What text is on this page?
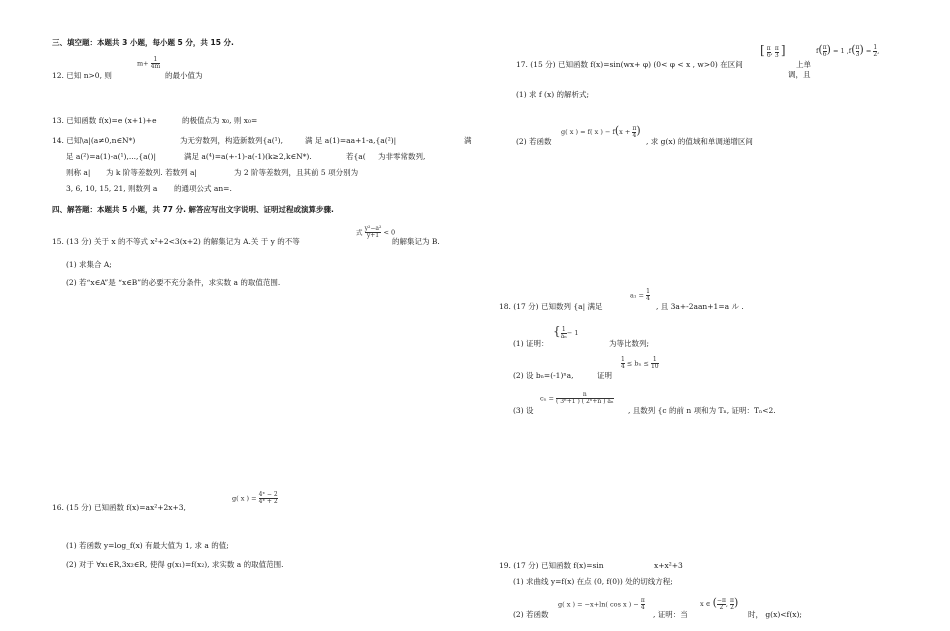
三、填空题：本题共 3 小题，每小题 5 分，共 15 分.
12. 已知 n>0, 则
$m+ \frac{1}{4m}$
的最小值为
13. 已知函数 f(x)=e (x+1)+e	的极值点为 x₀, 则 x₀=
14. 已知\a|(a≠0,n∈N*)	为无穷数列，构造新数列{a(¹),	满 足 a(1)=aa+1-a,{a(²)|	满
足 a(²)=a(1)-a(¹),...,{a()|	满足 a(⁴)=a(+-1)-a(-1)(k≥2,k∈N*).	若{a( 为非零常数列,
则称 a| 为 k 阶等差数列. 若数列 a|	为 2 阶等差数列，且其前 5 项分别为
3, 6, 10, 15, 21, 则数列 a 的通项公式 an=.
四、解答题：本题共 5 小题，共 77 分. 解答应写出文字说明、证明过程或演算步骤.
15. (13 分) 关于 x 的不等式 x²+2<3(x+2) 的解集记为 A.关 于 y 的不等
式 $\frac{\text{y²−a²}}{y+1} < 0$
的解集记为 B.
(1) 求集合 A;
(2) 若“x∈A”是 “x∈B”的必要不充分条件，求实数 a 的取值范围.
16. (15 分) 已知函数 f(x)=ax²+2x+3,
g( x ) = $\frac{\text{4ˣ − 2}}{\text{4ˣ + 2}}$
(1) 若函数 y=log_f(x) 有最大值为 1, 求 a 的值;
(2) 对于 ∀x₁∈R,3x₂∈R, 使得 g(x₁)=f(x₂), 求实数 a 的取值范围.
17. (15 分) 已知函数 f(x)=sin(wx+ φ) (0< φ < x , w>0) 在区间
[ $\frac{\pi}{6}$ , $\frac{\pi}{3}$ ]
上单
调，且
$f( \frac{\pi}{6}$ ) = 1 $,f( \frac{\pi}{3}$ ) = $\frac{1}{2}$ ,
(1) 求 f (x) 的解析式;
(2) 若函数
g( x ) = f( x ) − $f(x + \frac{\pi}{4}$ )
, 求 g(x) 的值域和单调递增区间
18. (17 分) 已知数列 {a| 满足
$a_1 = \frac{1}{4}$
, 且 3a+-2aan+1=a ル .
(1) 证明：
{ $\frac{1}{\text{aₙ}} - 1$
为等比数列;
(2) 设 bₙ=(-1)ⁿa,	证明
$\frac{1}{4} \le b_n \le \frac{1}{10}$
(3) 设
$c_n = \frac{n}{\text{( 3ⁿ+1 ) ( 2ⁿ+n ) aₙ}}$
, 且数列 {c 的前 n 项和为 Tₙ, 证明：Tₙ<2.
19. (17 分) 已知函数 f(x)=sin	x+x²+3
(1) 求曲线 y=f(x) 在点 (0, f(0)) 处的切线方程;
(2) 若函数
g( x ) = −x+ln( cos x ) − $\frac{\pi}{4}$
, 证明：当
x ∈ ( $\frac{-\pi}{2}$ , $\frac{\pi}{2}$ )
时， g(x)<f(x);
